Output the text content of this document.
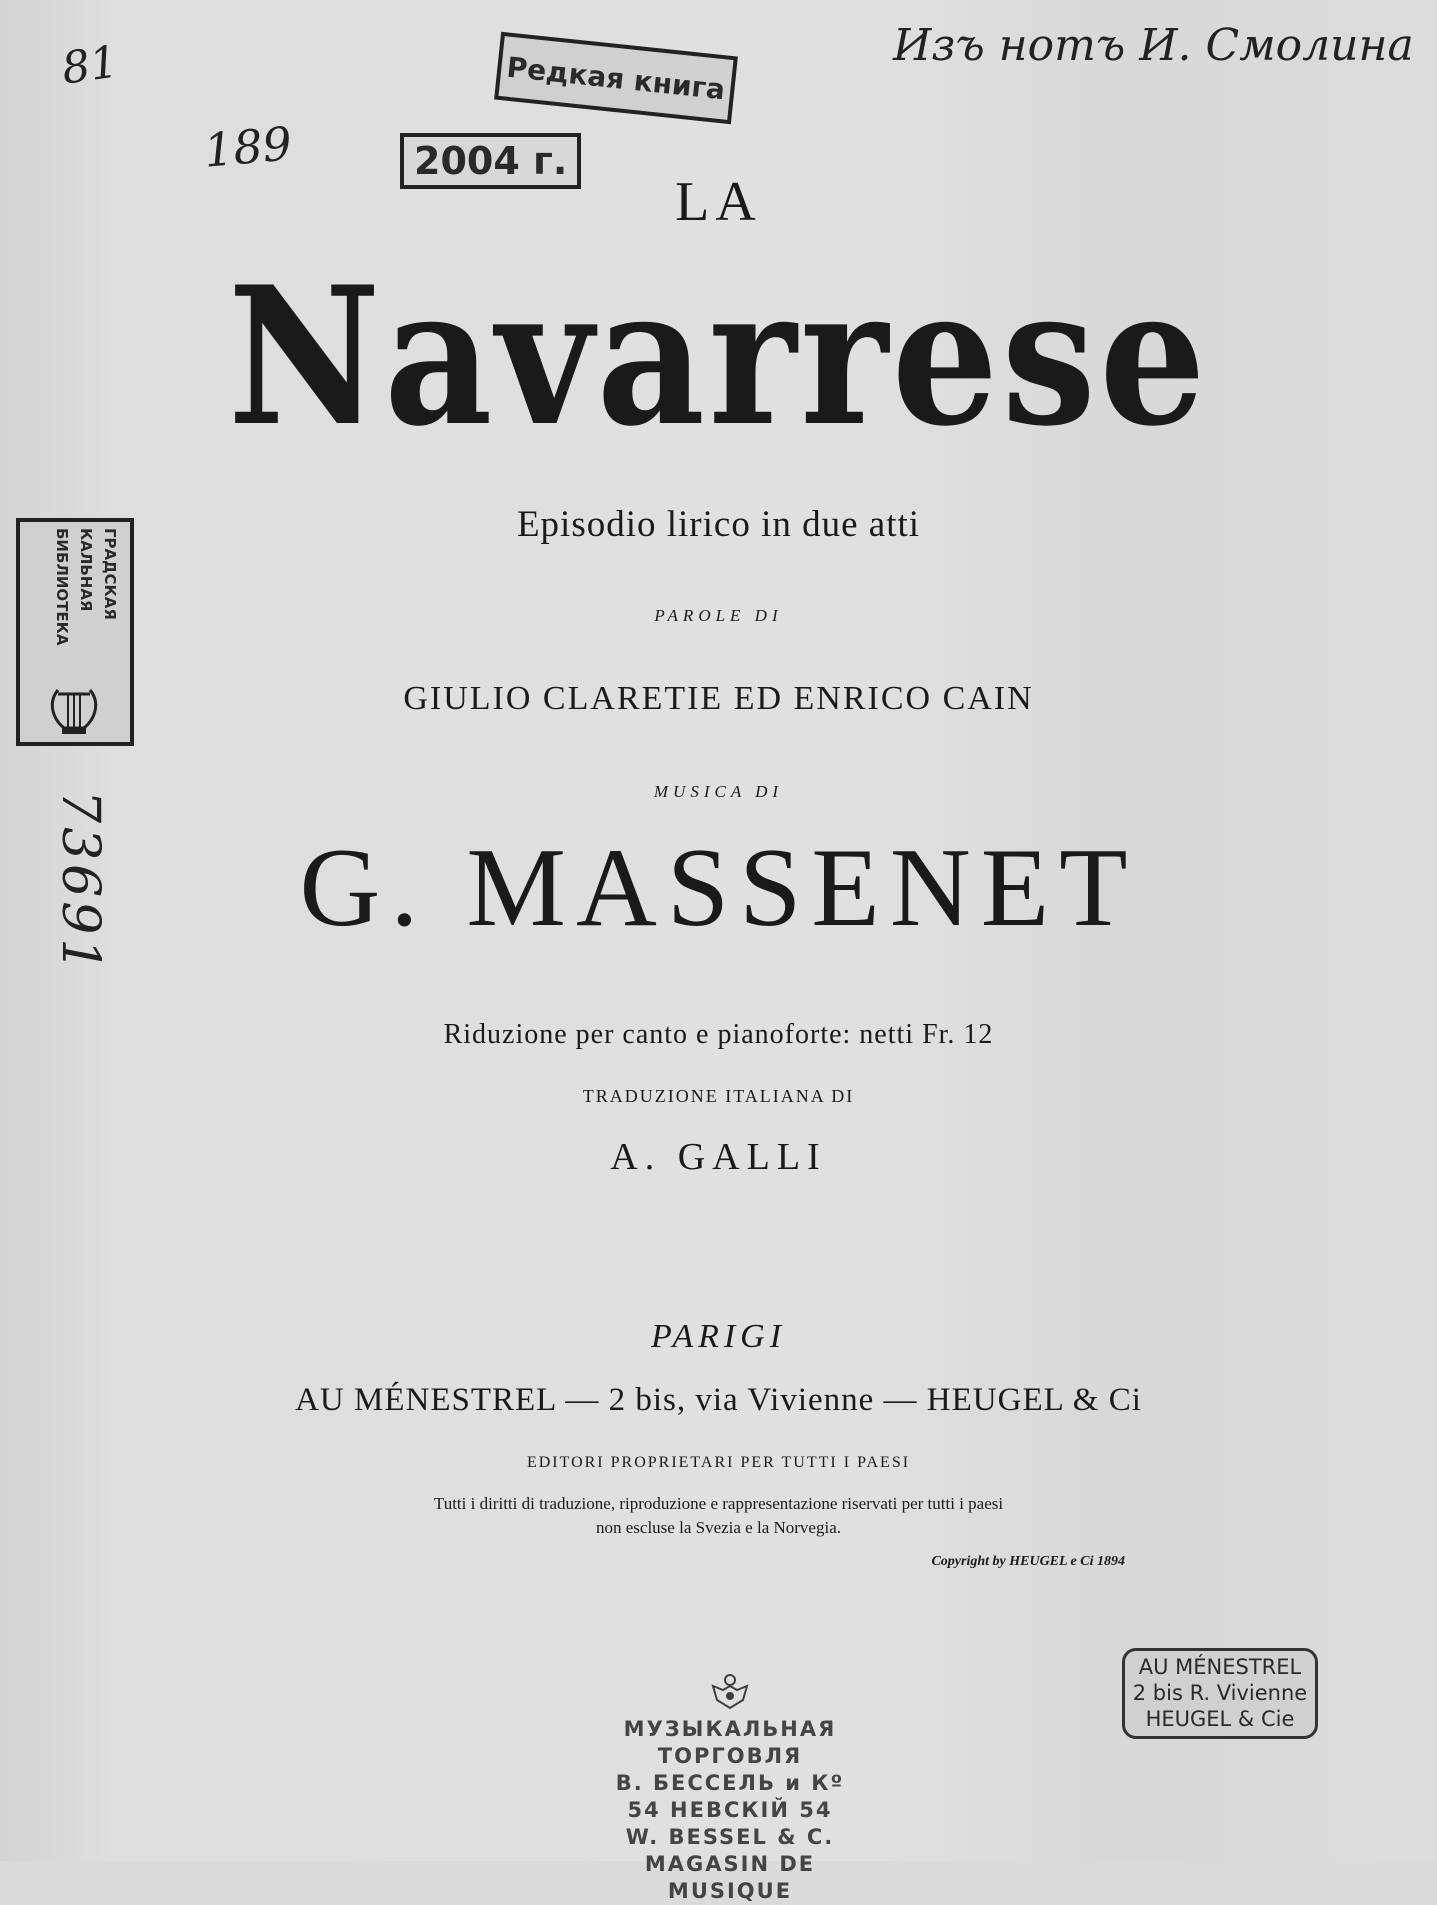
Изъ нотъ И. Смолина
189
81
73691
Редкая книга
2004 г.
ГРАДСКАЯ
КАЛЬНАЯ
БИБЛИОТЕКА
AU MÉNESTREL
2 bis R. Vivienne
HEUGEL & Cie
МУЗЫКАЛЬНАЯ ТОРГОВЛЯ
В. БЕССЕЛЬ и Кº
54 НЕВСКІЙ 54
W. BESSEL & C.
MAGASIN DE MUSIQUE
LA
Navarrese
Episodio lirico in due atti
PAROLE DI
GIULIO CLARETIE ED ENRICO CAIN
MUSICA DI
G. MASSENET
Riduzione per canto e pianoforte: netti Fr. 12
TRADUZIONE ITALIANA DI
A. GALLI
PARIGI
AU MÉNESTREL — 2 bis, via Vivienne — HEUGEL & Ci
EDITORI PROPRIETARI PER TUTTI I PAESI
Tutti i diritti di traduzione, riproduzione e rappresentazione riservati per tutti i paesi
non escluse la Svezia e la Norvegia.
Copyright by HEUGEL e Ci 1894
